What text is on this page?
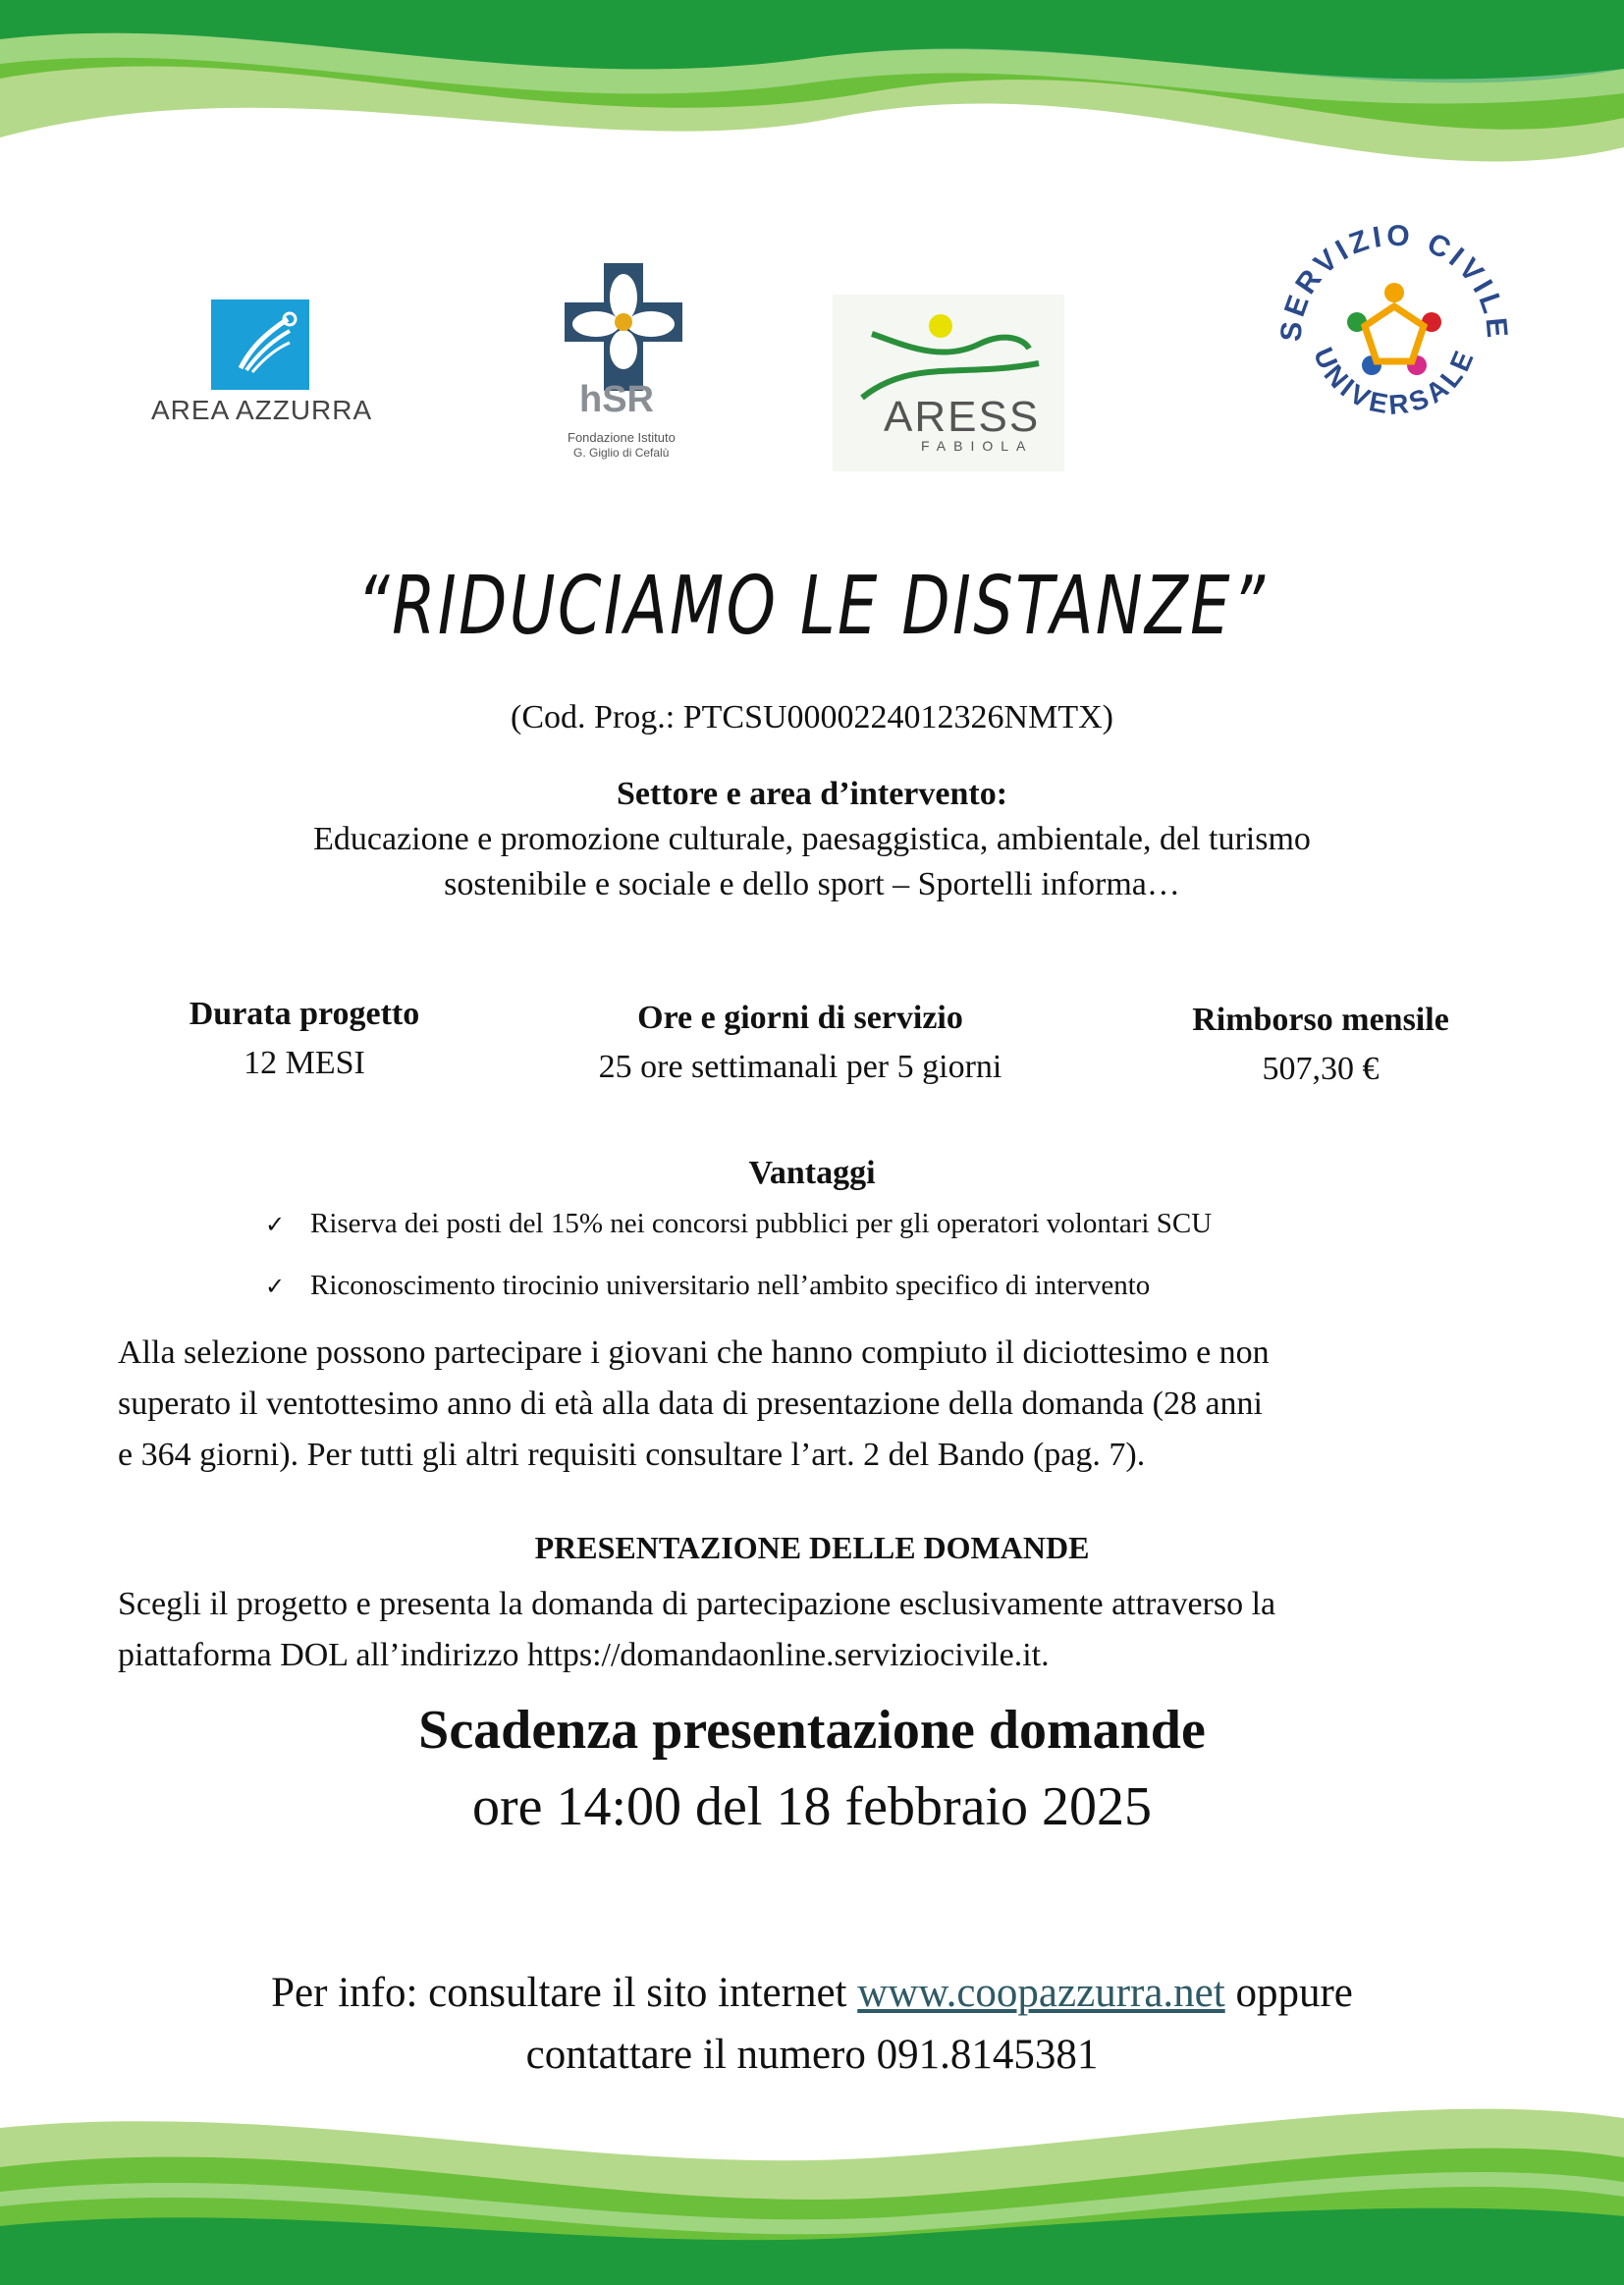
AREA AZZURRA	hSR
Fondazione Istituto
G. Giglio di Cefalù
ARESS
FABIOLA
SERVIZIO CIVILE
UNIVERSALE
“RIDUCIAMO LE DISTANZE”
(Cod. Prog.: PTCSU0000224012326NMTX)
Settore e area d’intervento:
Educazione e promozione culturale, paesaggistica, ambientale, del turismo
sostenibile e sociale e dello sport – Sportelli informa…
Durata progetto
12 MESI
Ore e giorni di servizio
25 ore settimanali per 5 giorni
Rimborso mensile
507,30 €
Vantaggi
✓ Riserva dei posti del 15% nei concorsi pubblici per gli operatori volontari SCU
✓ Riconoscimento tirocinio universitario nell’ambito specifico di intervento
Alla selezione possono partecipare i giovani che hanno compiuto il diciottesimo e non
superato il ventottesimo anno di età alla data di presentazione della domanda (28 anni
e 364 giorni). Per tutti gli altri requisiti consultare l’art. 2 del Bando (pag. 7).
PRESENTAZIONE DELLE DOMANDE
Scegli il progetto e presenta la domanda di partecipazione esclusivamente attraverso la
piattaforma DOL all’indirizzo https://domandaonline.serviziocivile.it.
Scadenza presentazione domande
ore 14:00 del 18 febbraio 2025
Per info: consultare il sito internet www.coopazzurra.net oppure
contattare il numero 091.8145381
